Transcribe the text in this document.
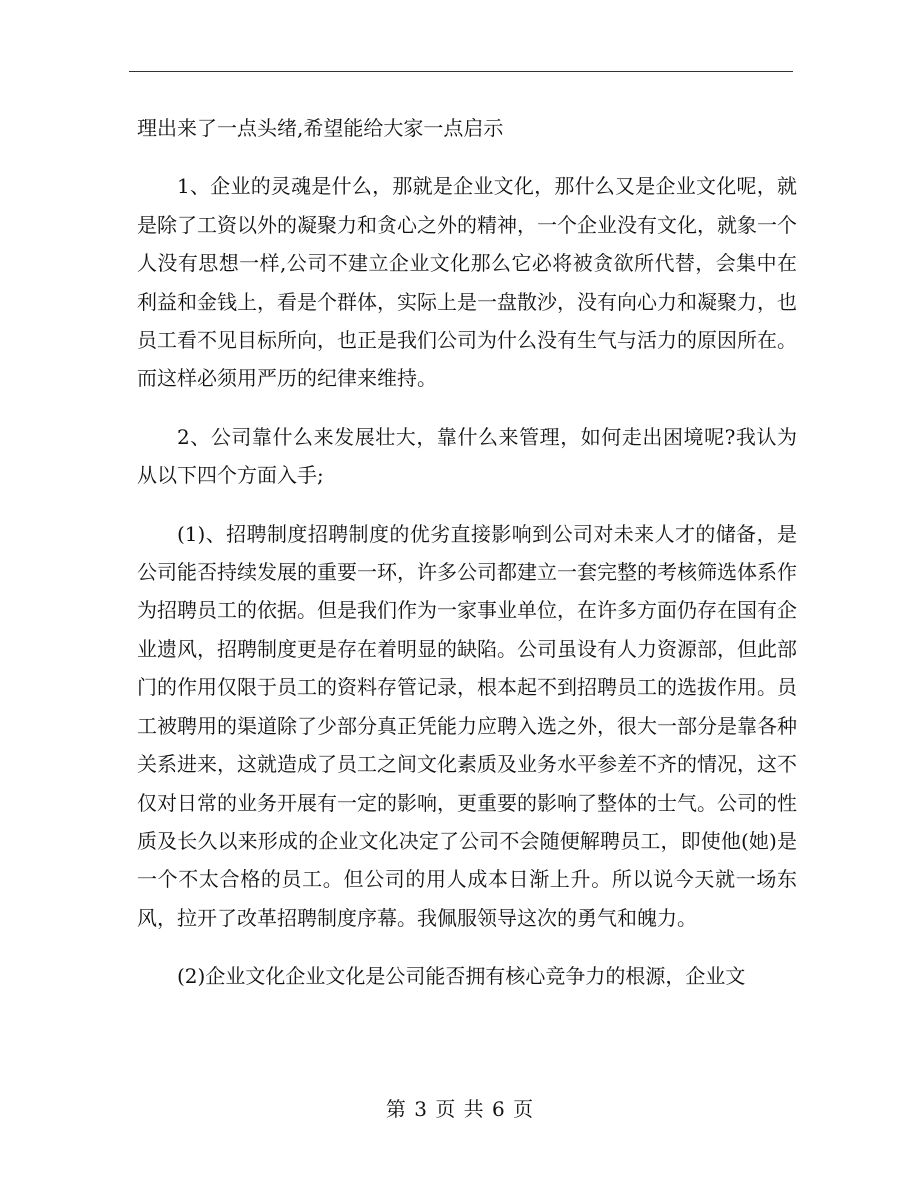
理出来了一点头绪,希望能给大家一点启示

1、企业的灵魂是什么，那就是企业文化，那什么又是企业文化呢，就是除了工资以外的凝聚力和贪心之外的精神，一个企业没有文化，就象一个人没有思想一样,公司不建立企业文化那么它必将被贪欲所代替，会集中在利益和金钱上，看是个群体，实际上是一盘散沙，没有向心力和凝聚力，也员工看不见目标所向，也正是我们公司为什么没有生气与活力的原因所在。而这样必须用严历的纪律来维持。

2、公司靠什么来发展壮大，靠什么来管理，如何走出困境呢?我认为从以下四个方面入手;

(1)、招聘制度招聘制度的优劣直接影响到公司对未来人才的储备，是公司能否持续发展的重要一环，许多公司都建立一套完整的考核筛选体系作为招聘员工的依据。但是我们作为一家事业单位，在许多方面仍存在国有企业遗风，招聘制度更是存在着明显的缺陷。公司虽设有人力资源部，但此部门的作用仅限于员工的资料存管记录，根本起不到招聘员工的选拔作用。员工被聘用的渠道除了少部分真正凭能力应聘入选之外，很大一部分是靠各种关系进来，这就造成了员工之间文化素质及业务水平参差不齐的情况，这不仅对日常的业务开展有一定的影响，更重要的影响了整体的士气。公司的性质及长久以来形成的企业文化决定了公司不会随便解聘员工，即使他(她)是一个不太合格的员工。但公司的用人成本日渐上升。所以说今天就一场东风，拉开了改革招聘制度序幕。我佩服领导这次的勇气和魄力。

(2)企业文化企业文化是公司能否拥有核心竞争力的根源，企业文

第 3 页 共 6 页
